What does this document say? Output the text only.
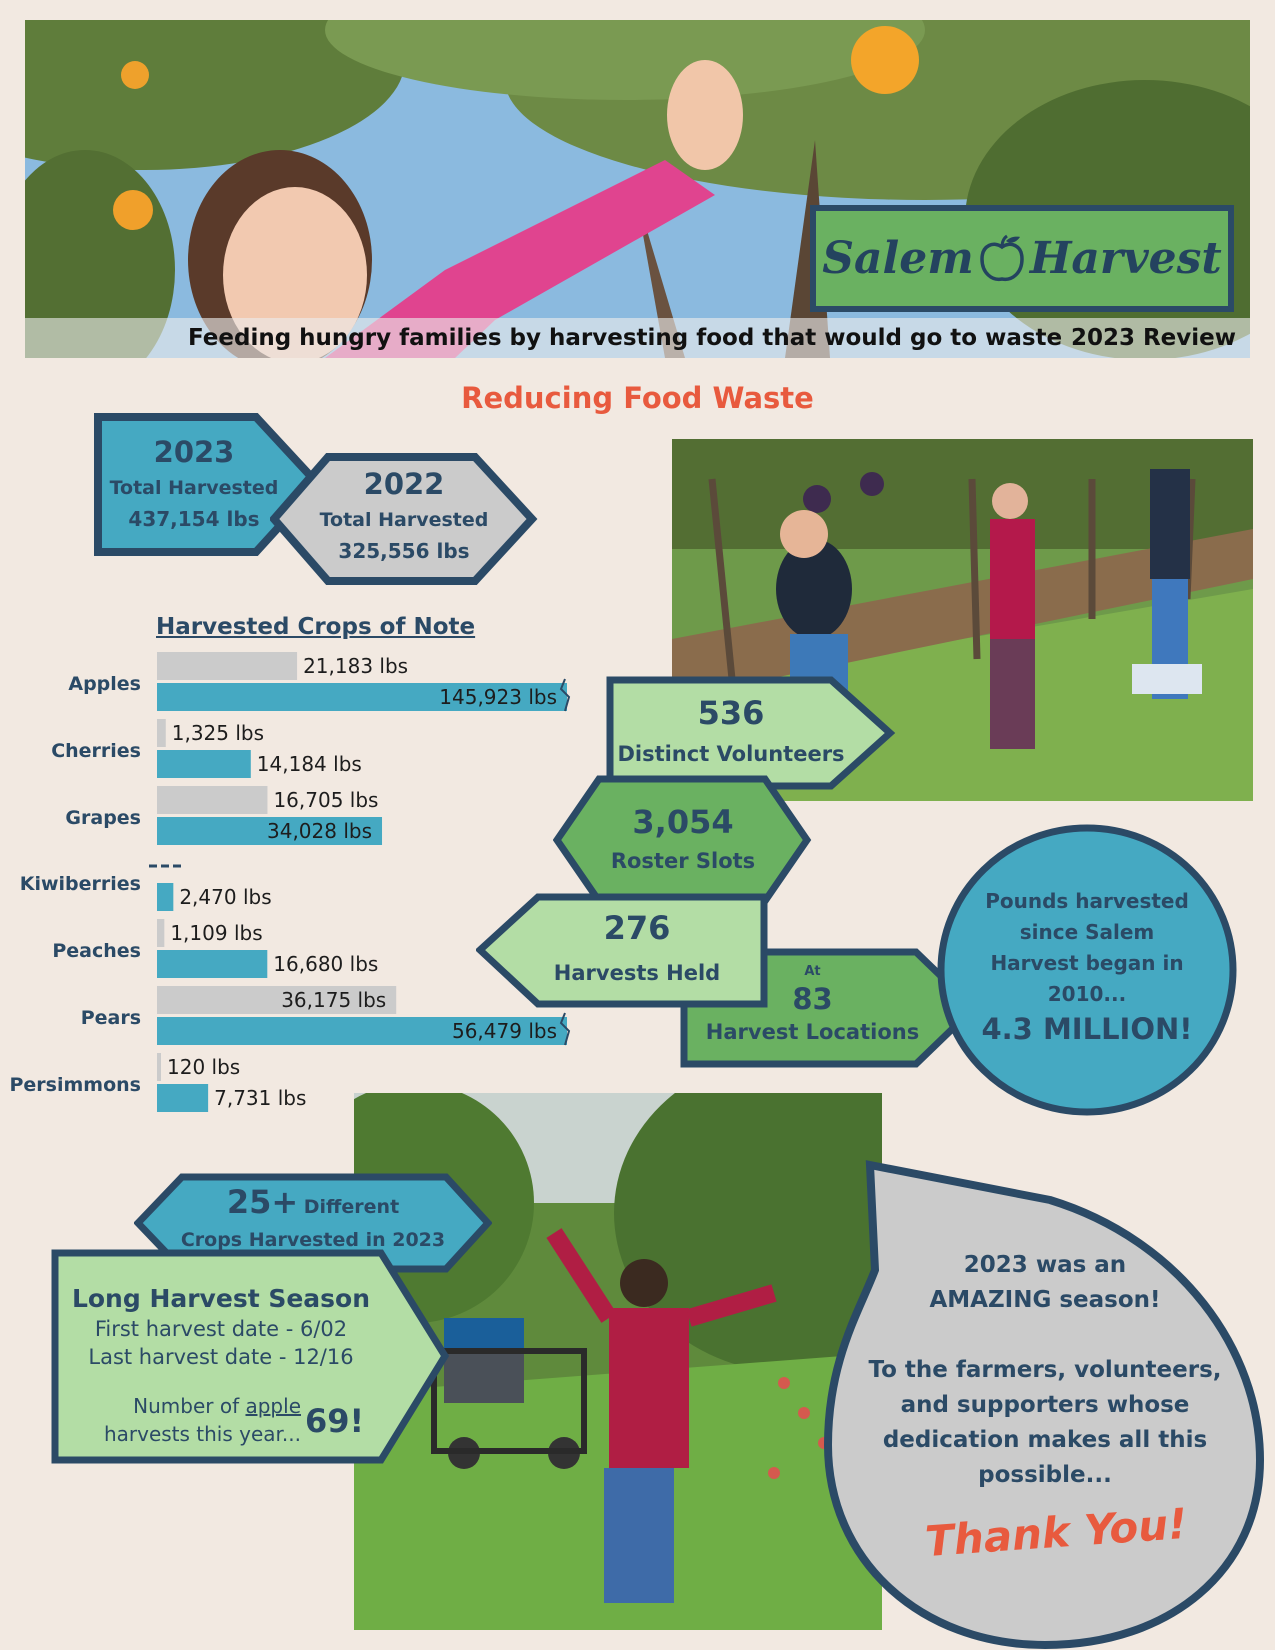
Salem Harvest
Feeding hungry families by harvesting food that would go to waste 2023 Review
Reducing Food Waste
2023
Total Harvested
437,154 lbs
2022
Total Harvested
325,556 lbs
536
Distinct Volunteers
3,054
Roster Slots
At
83
Harvest Locations
276
Harvests Held
Pounds harvested
since Salem
Harvest began in
2010...
4.3 MILLION!
Harvested Crops of Note
Apples
21,183 lbs
145,923 lbs
Cherries
1,325 lbs
14,184 lbs
Grapes
16,705 lbs
34,028 lbs
Kiwiberries
2,470 lbs
Peaches
1,109 lbs
16,680 lbs
Pears
36,175 lbs
56,479 lbs
Persimmons
120 lbs
7,731 lbs
25+ Different
Crops Harvested in 2023
Long Harvest Season
First harvest date - 6/02
Last harvest date - 12/16
Number of apple
harvests this year... 69!
2023 was an
AMAZING season!
To the farmers, volunteers,
and supporters whose
dedication makes all this
possible...
Thank You!
